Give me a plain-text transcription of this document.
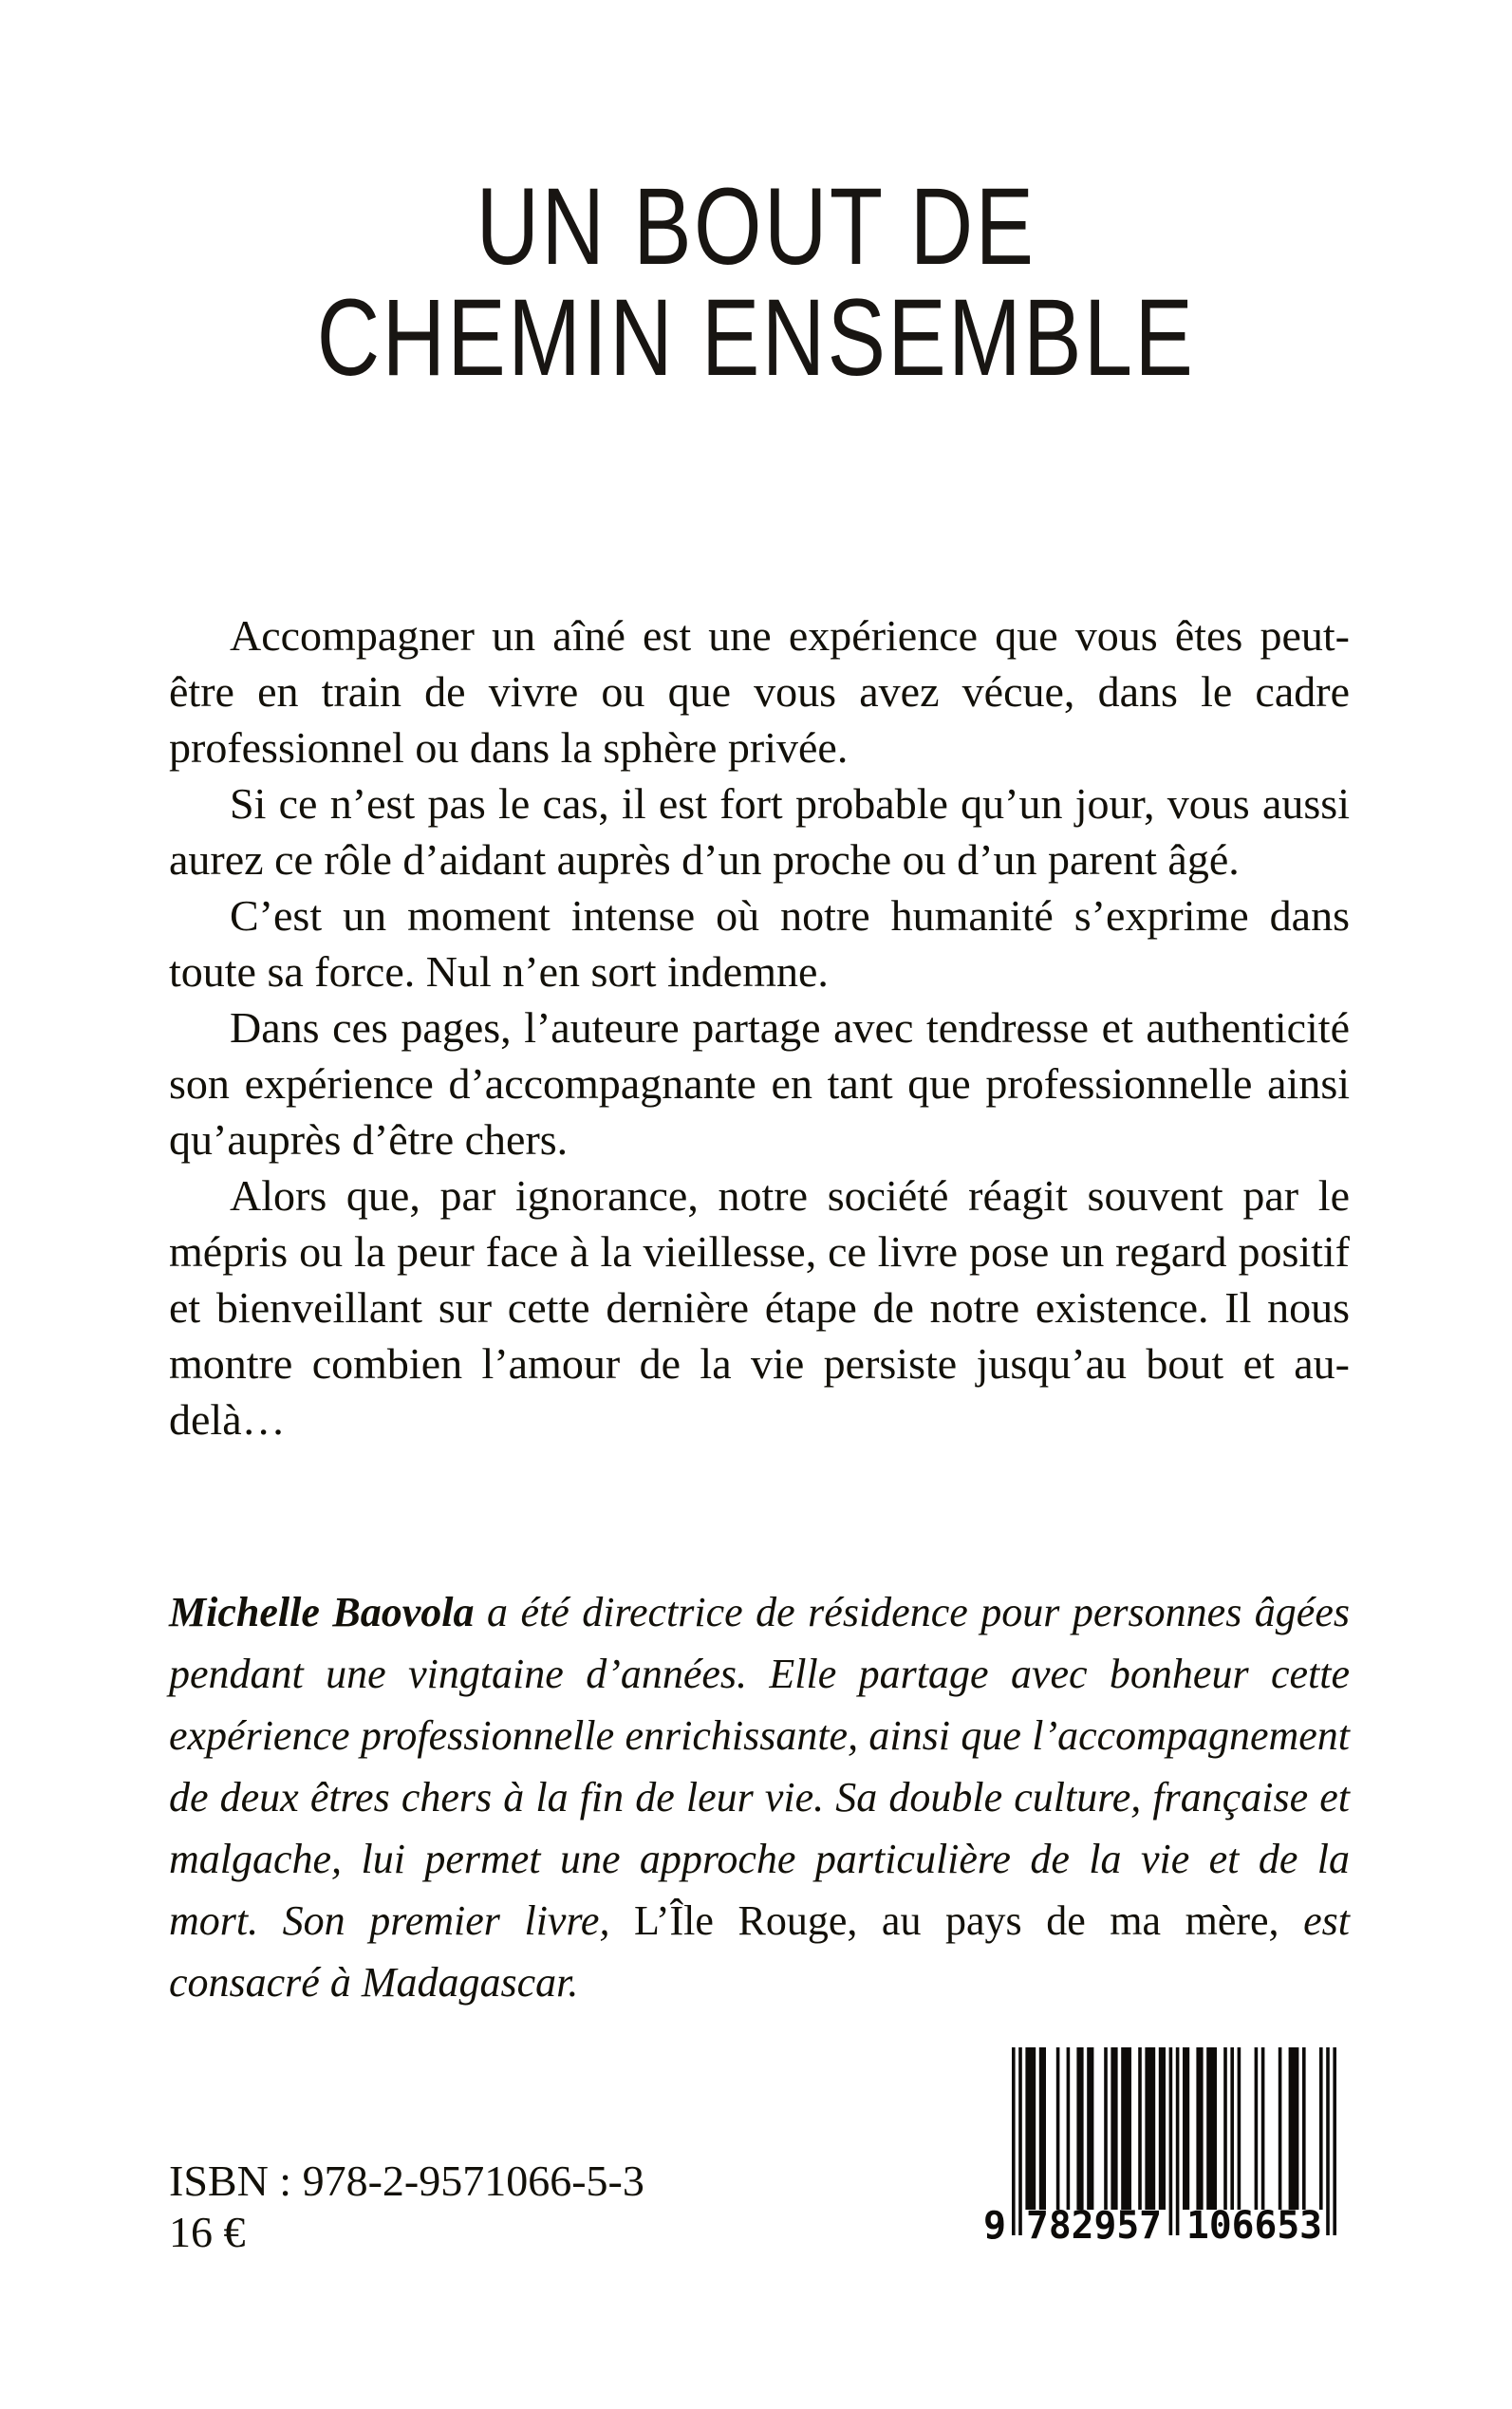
UN BOUT DE
CHEMIN ENSEMBLE

Accompagner un aîné est une expérience que vous êtes peut-être en train de vivre ou que vous avez vécue, dans le cadre professionnel ou dans la sphère privée.

Si ce n’est pas le cas, il est fort probable qu’un jour, vous aussi aurez ce rôle d’aidant auprès d’un proche ou d’un parent âgé.

C’est un moment intense où notre humanité s’exprime dans toute sa force. Nul n’en sort indemne.

Dans ces pages, l’auteure partage avec tendresse et authenticité son expérience d’accompagnante en tant que professionnelle ainsi qu’auprès d’être chers.

Alors que, par ignorance, notre société réagit souvent par le mépris ou la peur face à la vieillesse, ce livre pose un regard positif et bienveillant sur cette dernière étape de notre existence. Il nous montre combien l’amour de la vie persiste jusqu’au bout et au-delà…

Michelle Baovola a été directrice de résidence pour personnes âgées pendant une vingtaine d’années. Elle partage avec bonheur cette expérience professionnelle enrichissante, ainsi que l’accompagnement de deux êtres chers à la fin de leur vie. Sa double culture, française et malgache, lui permet une approche particulière de la vie et de la mort. Son premier livre, L’Île Rouge, au pays de ma mère, est consacré à Madagascar.

ISBN : 978-2-9571066-5-3
16 €	9 782957 106653
